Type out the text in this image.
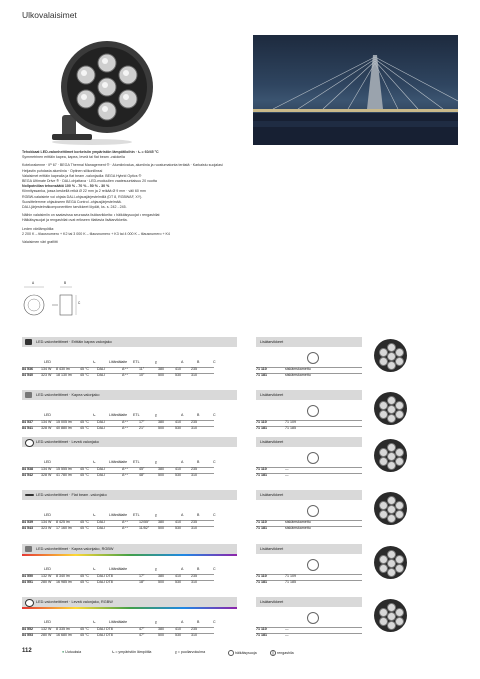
Ulkovalaisimet

Tehokkaat LED-valonheittimet korkeisiin ympäristön lämpötiloihin · tₐ = 60/45 °C

Symmetrinen erittäin kapea, kapea, leveä tai flat beam -valokeila

Kotelorakenne · IP 67 · BEGA Thermal Management ® · Alumiinivalua, alumiinia ja ruostumatonta terästä · Karkaistu suojalasi

Heijastin puhdasta alumiinia · Optinen silikonilinssi

Valaisimet erittäin kapealla ja flat beam -valonjaolla: BEGA Hybrid Optics ®

BEGA Ultimate Drive ® · DALI-ohjattava · LED-moduulien vaatesuuntaisuu 20 vuotta

Nollpotniilan tehonsäätö 100 % - 70 % - 50 % - 30 %

Kiinnityssanka, jossa keskellä reikä Ø 22 mm ja 2 reikää Ø 9 mm · väli 60 mm

RGBW-valaisinte voi ohjata DALI-ohjausjärjestelmillä (DT 8, RGBWAF, XY).

Suosittelemme ohjaukseen BEGA Control -ohjausjärjestelmää.

DALI-järjestelmäkomponenttien tarvikkeet löydät, ks. s. 242 - 245.

Näihin valaisimiin on saatavissa seuraavia lisätarvikkeita: • häikäisysuojat • rengashilat

Häikäisysuojat ja rengashilat ovat erikseen tilattavia lisätarvikkeita.

Leden värilämpötila:

2 200 K – tilausnumero + K2 tai 3 000 K – tilausnumero + K3 tai 4 000 K – tilausnumero + K4

Valaisimen väri grafiitti

A	B
C
LED-valonheittimet · Erittäin kapea valonjako	Lisätarvikkeet
LED	tₐ	Liitäntälaite ETL	ɣ	A	B	C
84 536 134 W 8 430 lm	45 °C DALI	A⁺⁺	11°	380	410	235	71 110	siskämskamettu
84 540 323 W 18 130 lm 45 °C DALI	A⁺⁺	10°	500	530	310	71 181	siskämskamettu
LED-valonheittimet · Kapea valonjako	Lisätarvikkeet
LED	tₐ	Liitäntälaite ETL	ɣ	A	B	C
84 537 134 W 15 005 lm 45 °C DALI	A⁺⁺	17°	380	410	235	71 110	71 109
84 541 328 W 40 880 lm 45 °C DALI	A⁺⁺	21°	500	530	310	71 181	71 185
LED-valonheittimet · Leveä valonjako	Lisätarvikkeet
LED	tₐ	Liitäntälaite ETL	ɣ	A	B	C
84 538 134 W 15 555 lm 45 °C DALI	A⁺⁺	45°	380	410	235	71 110	—
84 542 328 W 41 780 lm 45 °C DALI	A⁺⁺	48°	500	530	310	71 181	—
LED-valonheittimet · Flat beam -valonjako	Lisätarvikkeet
LED	tₐ	Liitäntälaite ETL	ɣ	A	B	C
84 539 134 W 8 425 lm	45 °C DALI	A⁺⁺	12/55° 380	410	235	71 110	siskämskamettu
84 543 323 W 17 160 lm 45 °C DALI	A⁺⁺	11/52° 500	530	310	71 181	siskämskamettu
LED-valonheittimet · Kapea valonjako, RGBW	Lisätarvikkeet
LED	tₐ	Liitäntälaite	ɣ	A	B	C
84 550 132 W 8 340 lm	45 °C DALI DT8	17°	380	410	235	71 110	71 109
84 551 280 W 16 985 lm 45 °C DALI DT8	18°	500	530	310	71 181	71 185
LED-valonheittimet · Leveä valonjako, RGBW	Lisätarvikkeet
LED	tₐ	Liitäntälaite	ɣ	A	B	C
84 552 132 W 8 335 lm	45 °C DALI DT8	47°	380	410	235	71 110	—
84 553 280 W 16 680 lm 45 °C DALI DT8	47°	500	530	310	71 181	—
112	● Uutuuksia	tₐ = ympäristön lämpötila	ɣ = puoliarvokulma	häikäisysuoja	rengashila
